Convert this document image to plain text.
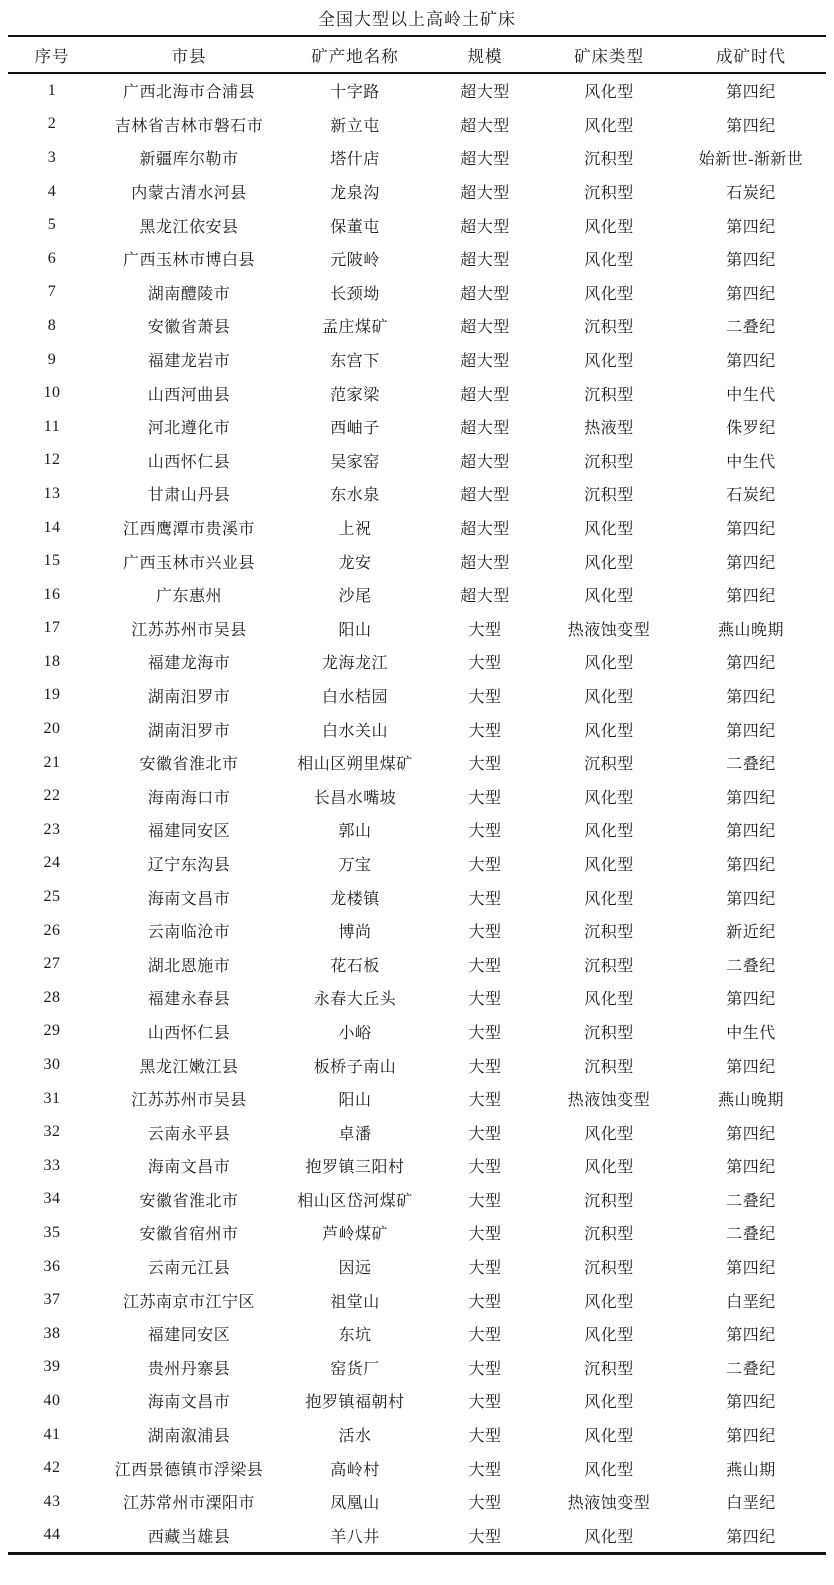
全国大型以上高岭土矿床
序号	市县	矿产地名称	规模	矿床类型	成矿时代
1	广西北海市合浦县	十字路	超大型	风化型	第四纪
2	吉林省吉林市磐石市	新立屯	超大型	风化型	第四纪
3	新疆库尔勒市	塔什店	超大型	沉积型	始新世-渐新世
4	内蒙古清水河县	龙泉沟	超大型	沉积型	石炭纪
5	黑龙江依安县	保董屯	超大型	风化型	第四纪
6	广西玉林市博白县	元陂岭	超大型	风化型	第四纪
7	湖南醴陵市	长颈坳	超大型	风化型	第四纪
8	安徽省萧县	孟庄煤矿	超大型	沉积型	二叠纪
9	福建龙岩市	东宫下	超大型	风化型	第四纪
10	山西河曲县	范家梁	超大型	沉积型	中生代
11	河北遵化市	西岫子	超大型	热液型	侏罗纪
12	山西怀仁县	吴家窑	超大型	沉积型	中生代
13	甘肃山丹县	东水泉	超大型	沉积型	石炭纪
14	江西鹰潭市贵溪市	上祝	超大型	风化型	第四纪
15	广西玉林市兴业县	龙安	超大型	风化型	第四纪
16	广东惠州	沙尾	超大型	风化型	第四纪
17	江苏苏州市吴县	阳山	大型	热液蚀变型	燕山晚期
18	福建龙海市	龙海龙江	大型	风化型	第四纪
19	湖南汨罗市	白水桔园	大型	风化型	第四纪
20	湖南汨罗市	白水关山	大型	风化型	第四纪
21	安徽省淮北市	相山区朔里煤矿	大型	沉积型	二叠纪
22	海南海口市	长昌水嘴坡	大型	风化型	第四纪
23	福建同安区	郭山	大型	风化型	第四纪
24	辽宁东沟县	万宝	大型	风化型	第四纪
25	海南文昌市	龙楼镇	大型	风化型	第四纪
26	云南临沧市	博尚	大型	沉积型	新近纪
27	湖北恩施市	花石板	大型	沉积型	二叠纪
28	福建永春县	永春大丘头	大型	风化型	第四纪
29	山西怀仁县	小峪	大型	沉积型	中生代
30	黑龙江嫩江县	板桥子南山	大型	沉积型	第四纪
31	江苏苏州市吴县	阳山	大型	热液蚀变型	燕山晚期
32	云南永平县	卓潘	大型	风化型	第四纪
33	海南文昌市	抱罗镇三阳村	大型	风化型	第四纪
34	安徽省淮北市	相山区岱河煤矿	大型	沉积型	二叠纪
35	安徽省宿州市	芦岭煤矿	大型	沉积型	二叠纪
36	云南元江县	因远	大型	沉积型	第四纪
37	江苏南京市江宁区	祖堂山	大型	风化型	白垩纪
38	福建同安区	东坑	大型	风化型	第四纪
39	贵州丹寨县	窑货厂	大型	沉积型	二叠纪
40	海南文昌市	抱罗镇福朝村	大型	风化型	第四纪
41	湖南溆浦县	活水	大型	风化型	第四纪
42	江西景德镇市浮梁县	高岭村	大型	风化型	燕山期
43	江苏常州市溧阳市	凤凰山	大型	热液蚀变型	白垩纪
44	西藏当雄县	羊八井	大型	风化型	第四纪
